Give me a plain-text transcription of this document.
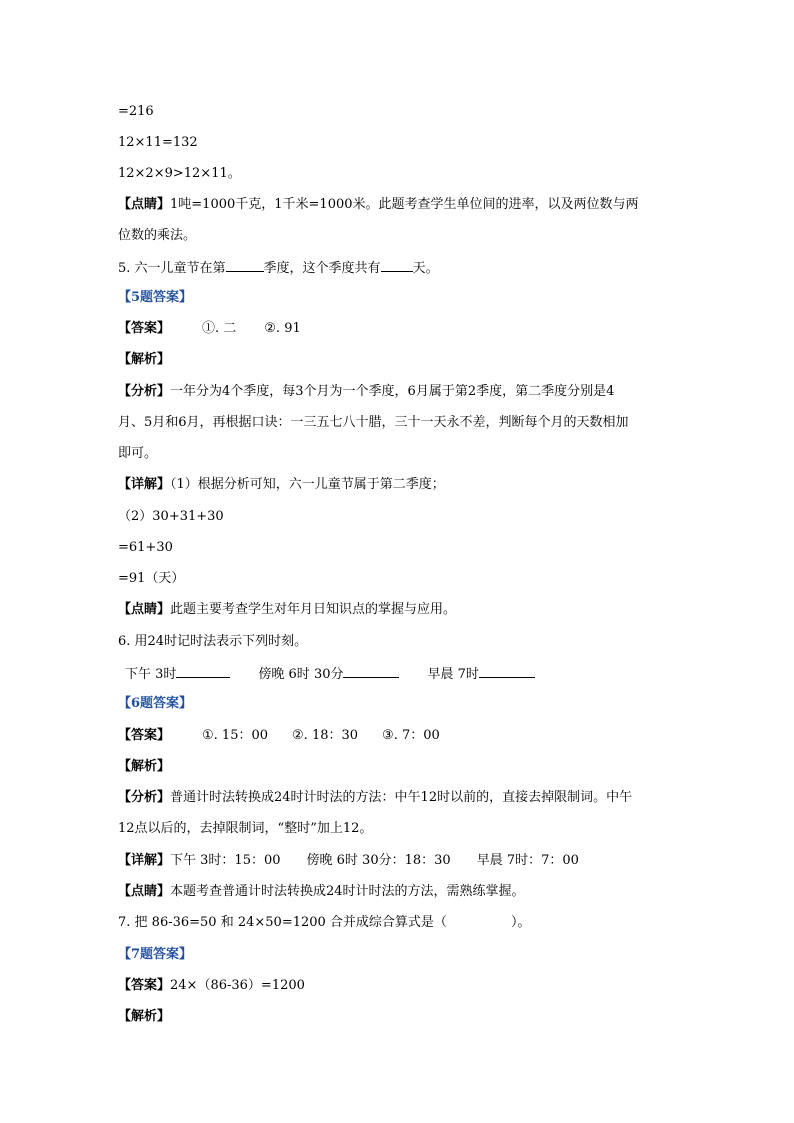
=216
12×11=132
12×2×9>12×11。
【点睛】1吨=1000千克，1千米=1000米。此题考查学生单位间的进率，以及两位数与两
位数的乘法。
5. 六一儿童节在第	季度，这个季度共有 天。
【5题答案】
【答案】 ①. 二 ②. 91
【解析】
【分析】一年分为4个季度，每3个月为一个季度，6月属于第2季度，第二季度分别是4
月、5月和6月，再根据口诀：一三五七八十腊，三十一天永不差，判断每个月的天数相加
即可。
【详解】（1）根据分析可知，六一儿童节属于第二季度；
（2）30+31+30
=61+30
=91（天）
【点睛】此题主要考查学生对年月日知识点的掌握与应用。
6. 用24时记时法表示下列时刻。
下午 3时	傍晚 6时 30分	早晨 7时
【6题答案】
【答案】 ①. 15：00 ②. 18：30 ③. 7：00
【解析】
【分析】普通计时法转换成24时计时法的方法：中午12时以前的，直接去掉限制词。中午
12点以后的，去掉限制词，“整时”加上12。
【详解】下午 3时：15：00 傍晚 6时 30分：18：30 早晨 7时：7：00
【点睛】本题考查普通计时法转换成24时计时法的方法，需熟练掌握。
7. 把 86-36=50 和 24×50=1200 合并成综合算式是（	）。
【7题答案】
【答案】24×（86-36）=1200
【解析】
